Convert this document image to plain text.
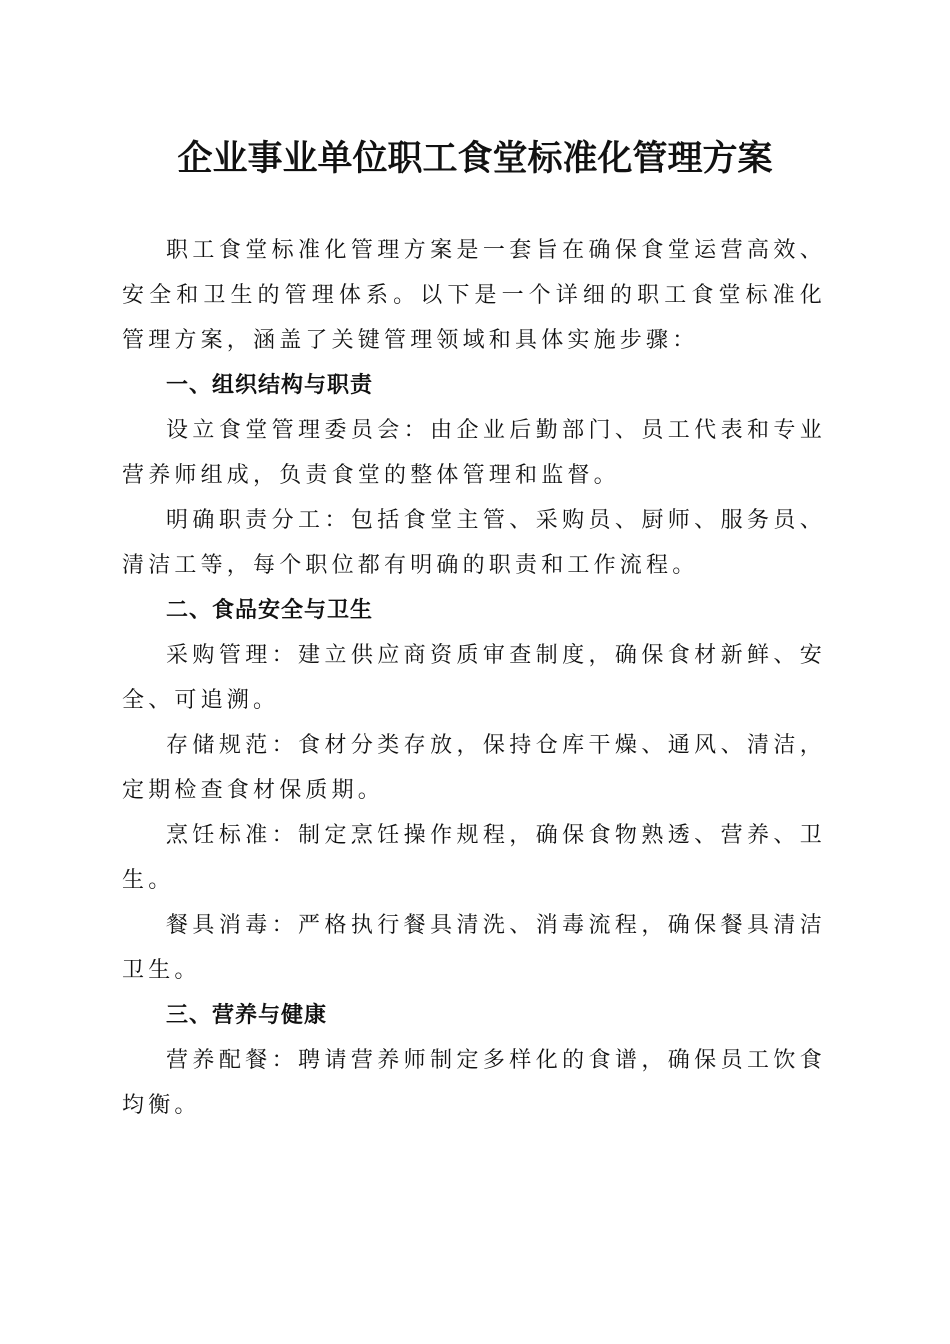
企业事业单位职工食堂标准化管理方案

职工食堂标准化管理方案是一套旨在确保食堂运营高效、安全和卫生的管理体系。以下是一个详细的职工食堂标准化管理方案，涵盖了关键管理领域和具体实施步骤：

一、组织结构与职责

设立食堂管理委员会：由企业后勤部门、员工代表和专业营养师组成，负责食堂的整体管理和监督。

明确职责分工：包括食堂主管、采购员、厨师、服务员、清洁工等，每个职位都有明确的职责和工作流程。

二、食品安全与卫生

采购管理：建立供应商资质审查制度，确保食材新鲜、安全、可追溯。

存储规范：食材分类存放，保持仓库干燥、通风、清洁，定期检查食材保质期。

烹饪标准：制定烹饪操作规程，确保食物熟透、营养、卫生。

餐具消毒：严格执行餐具清洗、消毒流程，确保餐具清洁卫生。

三、营养与健康

营养配餐：聘请营养师制定多样化的食谱，确保员工饮食均衡。
